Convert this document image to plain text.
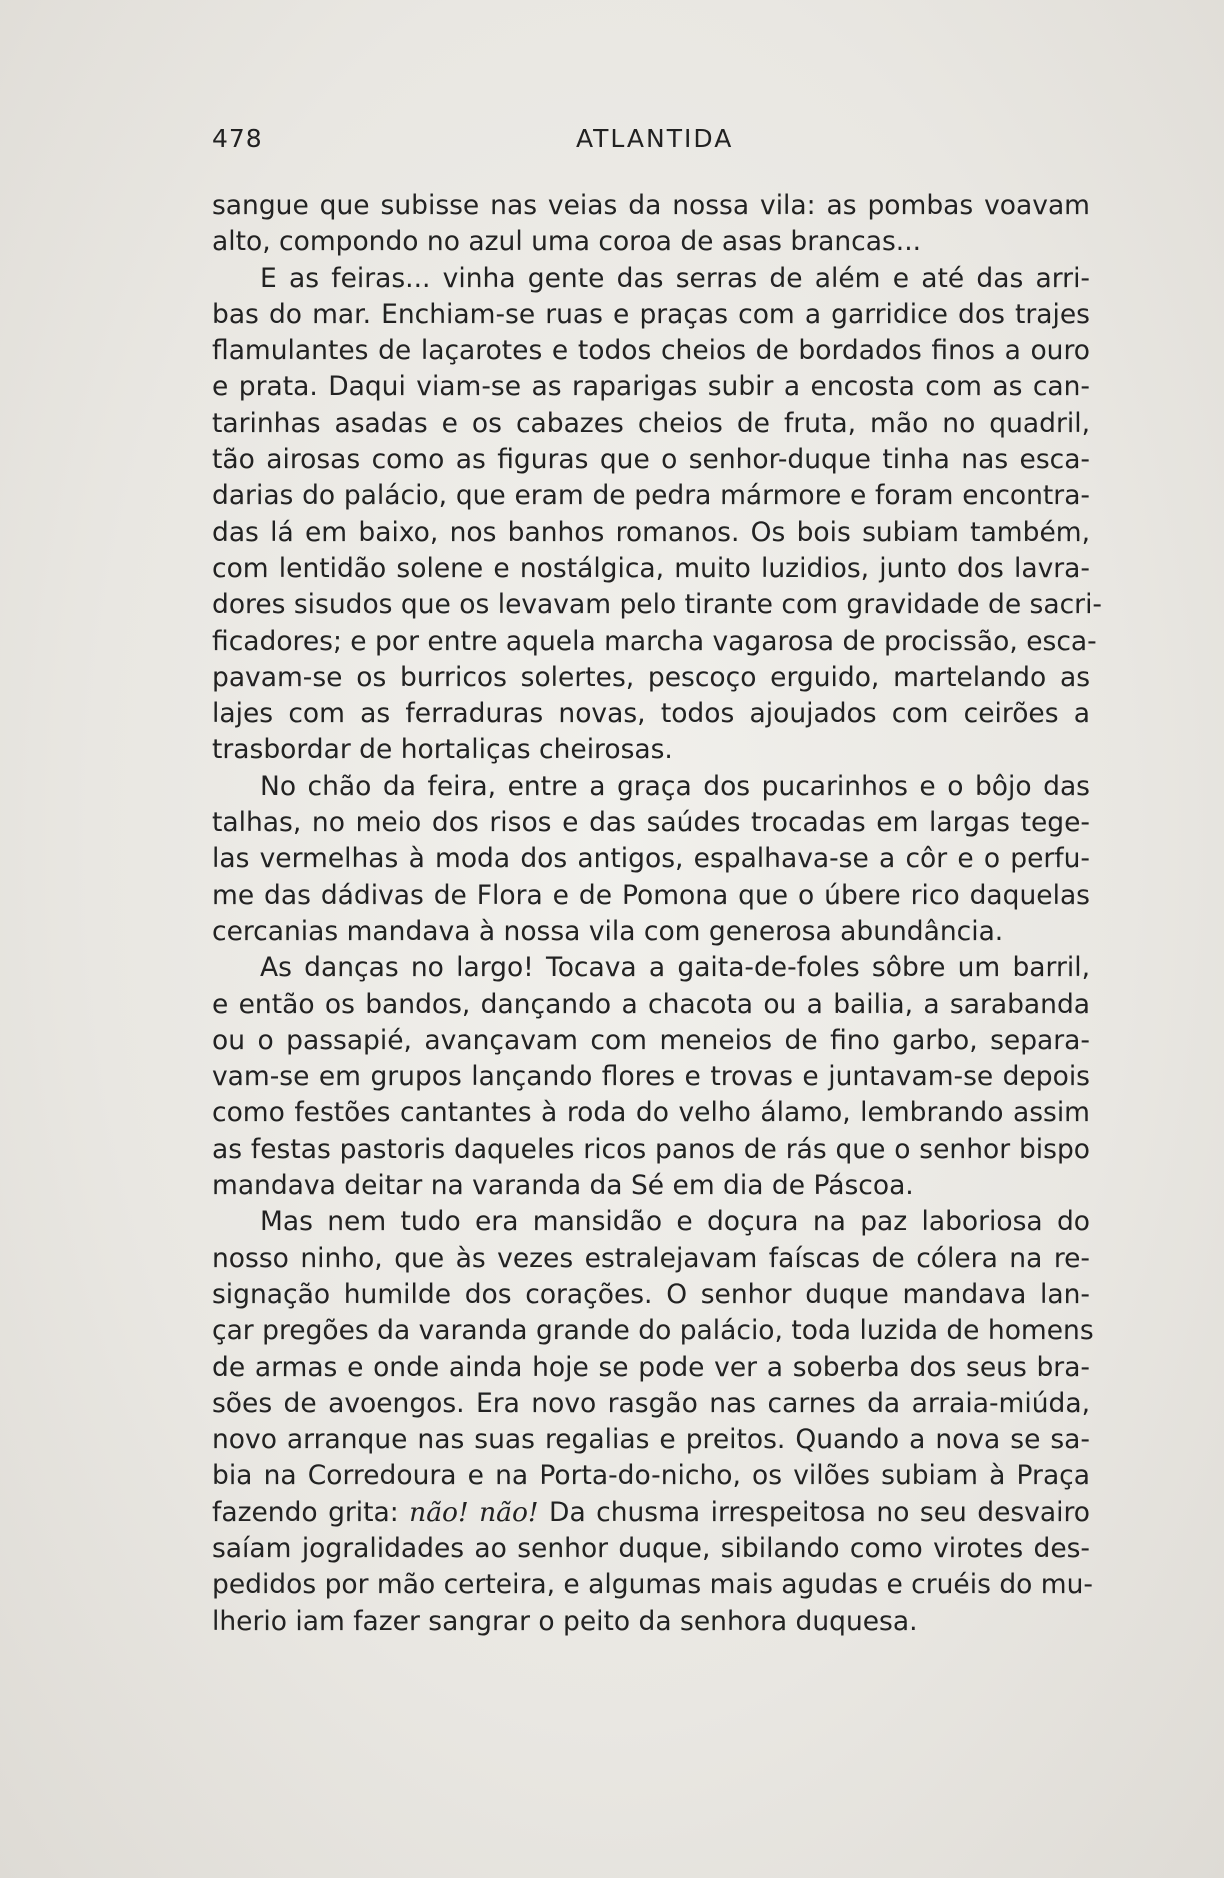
478	ATLANTIDA
sangue que subisse nas veias da nossa vila: as pombas voavam
alto, compondo no azul uma coroa de asas brancas...
E as feiras... vinha gente das serras de além e até das arri-
bas do mar. Enchiam-se ruas e praças com a garridice dos trajes
flamulantes de laçarotes e todos cheios de bordados finos a ouro
e prata. Daqui viam-se as raparigas subir a encosta com as can-
tarinhas asadas e os cabazes cheios de fruta, mão no quadril,
tão airosas como as figuras que o senhor-duque tinha nas esca-
darias do palácio, que eram de pedra mármore e foram encontra-
das lá em baixo, nos banhos romanos. Os bois subiam também,
com lentidão solene e nostálgica, muito luzidios, junto dos lavra-
dores sisudos que os levavam pelo tirante com gravidade de sacri-
ficadores; e por entre aquela marcha vagarosa de procissão, esca-
pavam-se os burricos solertes, pescoço erguido, martelando as
lajes com as ferraduras novas, todos ajoujados com ceirões a
trasbordar de hortaliças cheirosas.
No chão da feira, entre a graça dos pucarinhos e o bôjo das
talhas, no meio dos risos e das saúdes trocadas em largas tege-
las vermelhas à moda dos antigos, espalhava-se a côr e o perfu-
me das dádivas de Flora e de Pomona que o úbere rico daquelas
cercanias mandava à nossa vila com generosa abundância.
As danças no largo! Tocava a gaita-de-foles sôbre um barril,
e então os bandos, dançando a chacota ou a bailia, a sarabanda
ou o passapié, avançavam com meneios de fino garbo, separa-
vam-se em grupos lançando flores e trovas e juntavam-se depois
como festões cantantes à roda do velho álamo, lembrando assim
as festas pastoris daqueles ricos panos de rás que o senhor bispo
mandava deitar na varanda da Sé em dia de Páscoa.
Mas nem tudo era mansidão e doçura na paz laboriosa do
nosso ninho, que às vezes estralejavam faíscas de cólera na re-
signação humilde dos corações. O senhor duque mandava lan-
çar pregões da varanda grande do palácio, toda luzida de homens
de armas e onde ainda hoje se pode ver a soberba dos seus bra-
sões de avoengos. Era novo rasgão nas carnes da arraia-miúda,
novo arranque nas suas regalias e preitos. Quando a nova se sa-
bia na Corredoura e na Porta-do-nicho, os vilões subiam à Praça
fazendo grita: não! não! Da chusma irrespeitosa no seu desvairo
saíam jogralidades ao senhor duque, sibilando como virotes des-
pedidos por mão certeira, e algumas mais agudas e cruéis do mu-
lherio iam fazer sangrar o peito da senhora duquesa.
